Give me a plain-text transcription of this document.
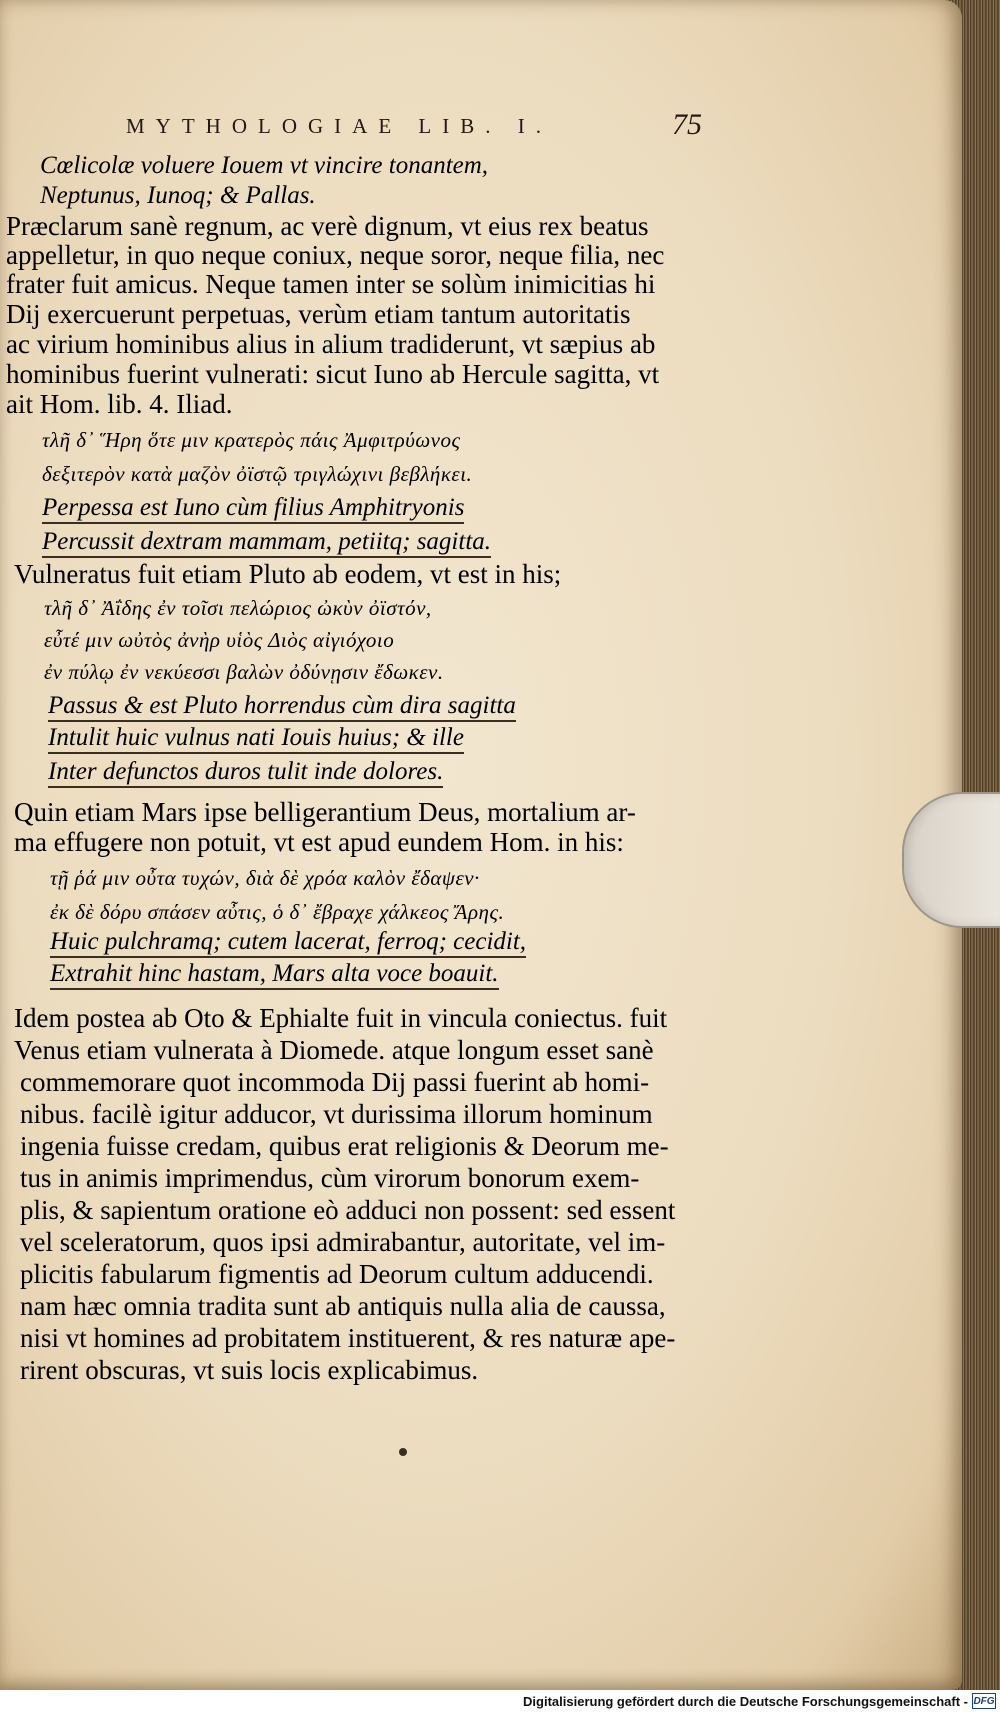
MYTHOLOGIAE LIB. I.	75
Cœlicolæ voluere Iouem vt vincire tonantem,
Neptunus, Iunoq; & Pallas.
Præclarum sanè regnum, ac verè dignum, vt eius rex beatus
appelletur, in quo neque coniux, neque soror, neque filia, nec
frater fuit amicus. Neque tamen inter se solùm inimicitias hi
Dij exercuerunt perpetuas, verùm etiam tantum autoritatis
ac virium hominibus alius in alium tradiderunt, vt sæpius ab
hominibus fuerint vulnerati: sicut Iuno ab Hercule sagitta, vt
ait Hom. lib. 4. Iliad.
τλῆ δ᾽ Ἥρη ὅτε μιν κρατερὸς πάις Ἀμφιτρύωνος
δεξιτερὸν κατὰ μαζὸν ὀϊστῷ τριγλώχινι βεβλήκει.
Perpessa est Iuno cùm filius Amphitryonis
Percussit dextram mammam, petiitq; sagitta.
Vulneratus fuit etiam Pluto ab eodem, vt est in his;
τλῆ δ᾽ Ἀΐδης ἐν τοῖσι πελώριος ὠκὺν ὀϊστόν,
εὖτέ μιν ωὐτὸς ἀνὴρ υἱὸς Διὸς αἰγιόχοιο
ἐν πύλῳ ἐν νεκύεσσι βαλὼν ὀδύνῃσιν ἔδωκεν.
Passus & est Pluto horrendus cùm dira sagitta
Intulit huic vulnus nati Iouis huius; & ille
Inter defunctos duros tulit inde dolores.
Quin etiam Mars ipse belligerantium Deus, mortalium ar-
ma effugere non potuit, vt est apud eundem Hom. in his:
τῇ ῥά μιν οὖτα τυχών, διὰ δὲ χρόα καλὸν ἔδαψεν·
ἐκ δὲ δόρυ σπάσεν αὖτις, ὁ δ᾽ ἔβραχε χάλκεος Ἄρης.
Huic pulchramq; cutem lacerat, ferroq; cecidit,
Extrahit hinc hastam, Mars alta voce boauit.
Idem postea ab Oto & Ephialte fuit in vincula coniectus. fuit
Venus etiam vulnerata à Diomede. atque longum esset sanè
commemorare quot incommoda Dij passi fuerint ab homi-
nibus. facilè igitur adducor, vt durissima illorum hominum
ingenia fuisse credam, quibus erat religionis & Deorum me-
tus in animis imprimendus, cùm virorum bonorum exem-
plis, & sapientum oratione eò adduci non possent: sed essent
vel sceleratorum, quos ipsi admirabantur, autoritate, vel im-
plicitis fabularum figmentis ad Deorum cultum adducendi.
nam hæc omnia tradita sunt ab antiquis nulla alia de caussa,
nisi vt homines ad probitatem instituerent, & res naturæ ape-
rirent obscuras, vt suis locis explicabimus.
Digitalisierung gefördert durch die Deutsche Forschungsgemeinschaft - DFG
